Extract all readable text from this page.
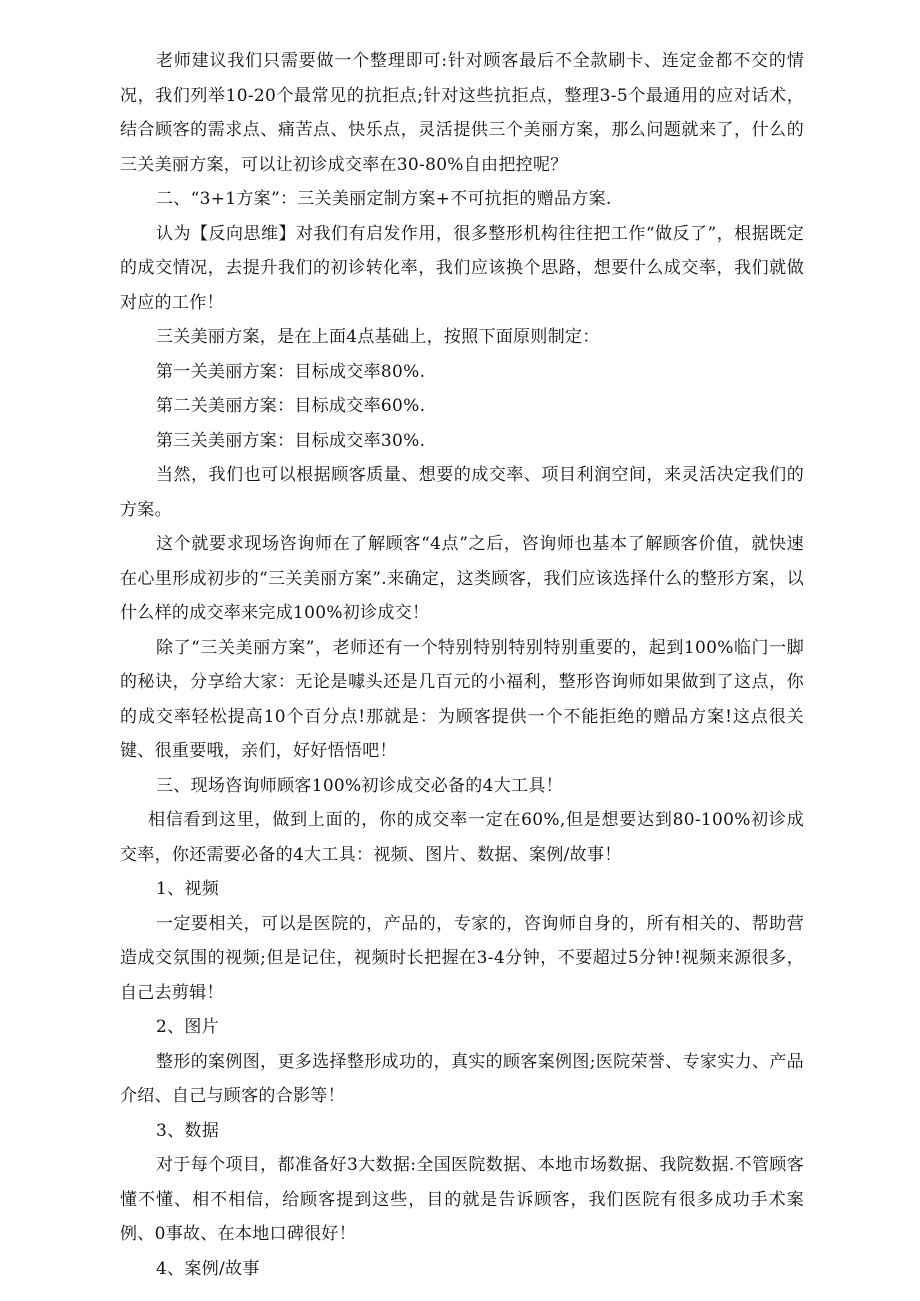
老师建议我们只需要做一个整理即可:针对顾客最后不全款刷卡、连定金都不交的情况，我们列举10-20个最常见的抗拒点;针对这些抗拒点，整理3-5个最通用的应对话术，结合顾客的需求点、痛苦点、快乐点，灵活提供三个美丽方案，那么问题就来了，什么的三关美丽方案，可以让初诊成交率在30-80%自由把控呢？

二、“3+1方案”：三关美丽定制方案+不可抗拒的赠品方案.

认为【反向思维】对我们有启发作用，很多整形机构往往把工作“做反了”，根据既定的成交情况，去提升我们的初诊转化率，我们应该换个思路，想要什么成交率，我们就做对应的工作！

三关美丽方案，是在上面4点基础上，按照下面原则制定：

第一关美丽方案：目标成交率80%.

第二关美丽方案：目标成交率60%.

第三关美丽方案：目标成交率30%.

当然，我们也可以根据顾客质量、想要的成交率、项目利润空间，来灵活决定我们的方案。

这个就要求现场咨询师在了解顾客“4点”之后，咨询师也基本了解顾客价值，就快速在心里形成初步的“三关美丽方案”.来确定，这类顾客，我们应该选择什么的整形方案，以什么样的成交率来完成100%初诊成交！

除了“三关美丽方案”，老师还有一个特别特别特别特别重要的，起到100%临门一脚的秘诀，分享给大家：无论是噱头还是几百元的小福利，整形咨询师如果做到了这点，你的成交率轻松提高10个百分点!那就是：为顾客提供一个不能拒绝的赠品方案!这点很关键、很重要哦，亲们，好好悟悟吧！

三、现场咨询师顾客100%初诊成交必备的4大工具！

相信看到这里，做到上面的，你的成交率一定在60%,但是想要达到80-100%初诊成交率，你还需要必备的4大工具：视频、图片、数据、案例/故事！

1、视频

一定要相关，可以是医院的，产品的，专家的，咨询师自身的，所有相关的、帮助营造成交氛围的视频;但是记住，视频时长把握在3-4分钟，不要超过5分钟!视频来源很多，自己去剪辑！

2、图片

整形的案例图，更多选择整形成功的，真实的顾客案例图;医院荣誉、专家实力、产品介绍、自己与顾客的合影等！

3、数据

对于每个项目，都准备好3大数据:全国医院数据、本地市场数据、我院数据.不管顾客懂不懂、相不相信，给顾客提到这些，目的就是告诉顾客，我们医院有很多成功手术案例、0事故、在本地口碑很好！

4、案例/故事
